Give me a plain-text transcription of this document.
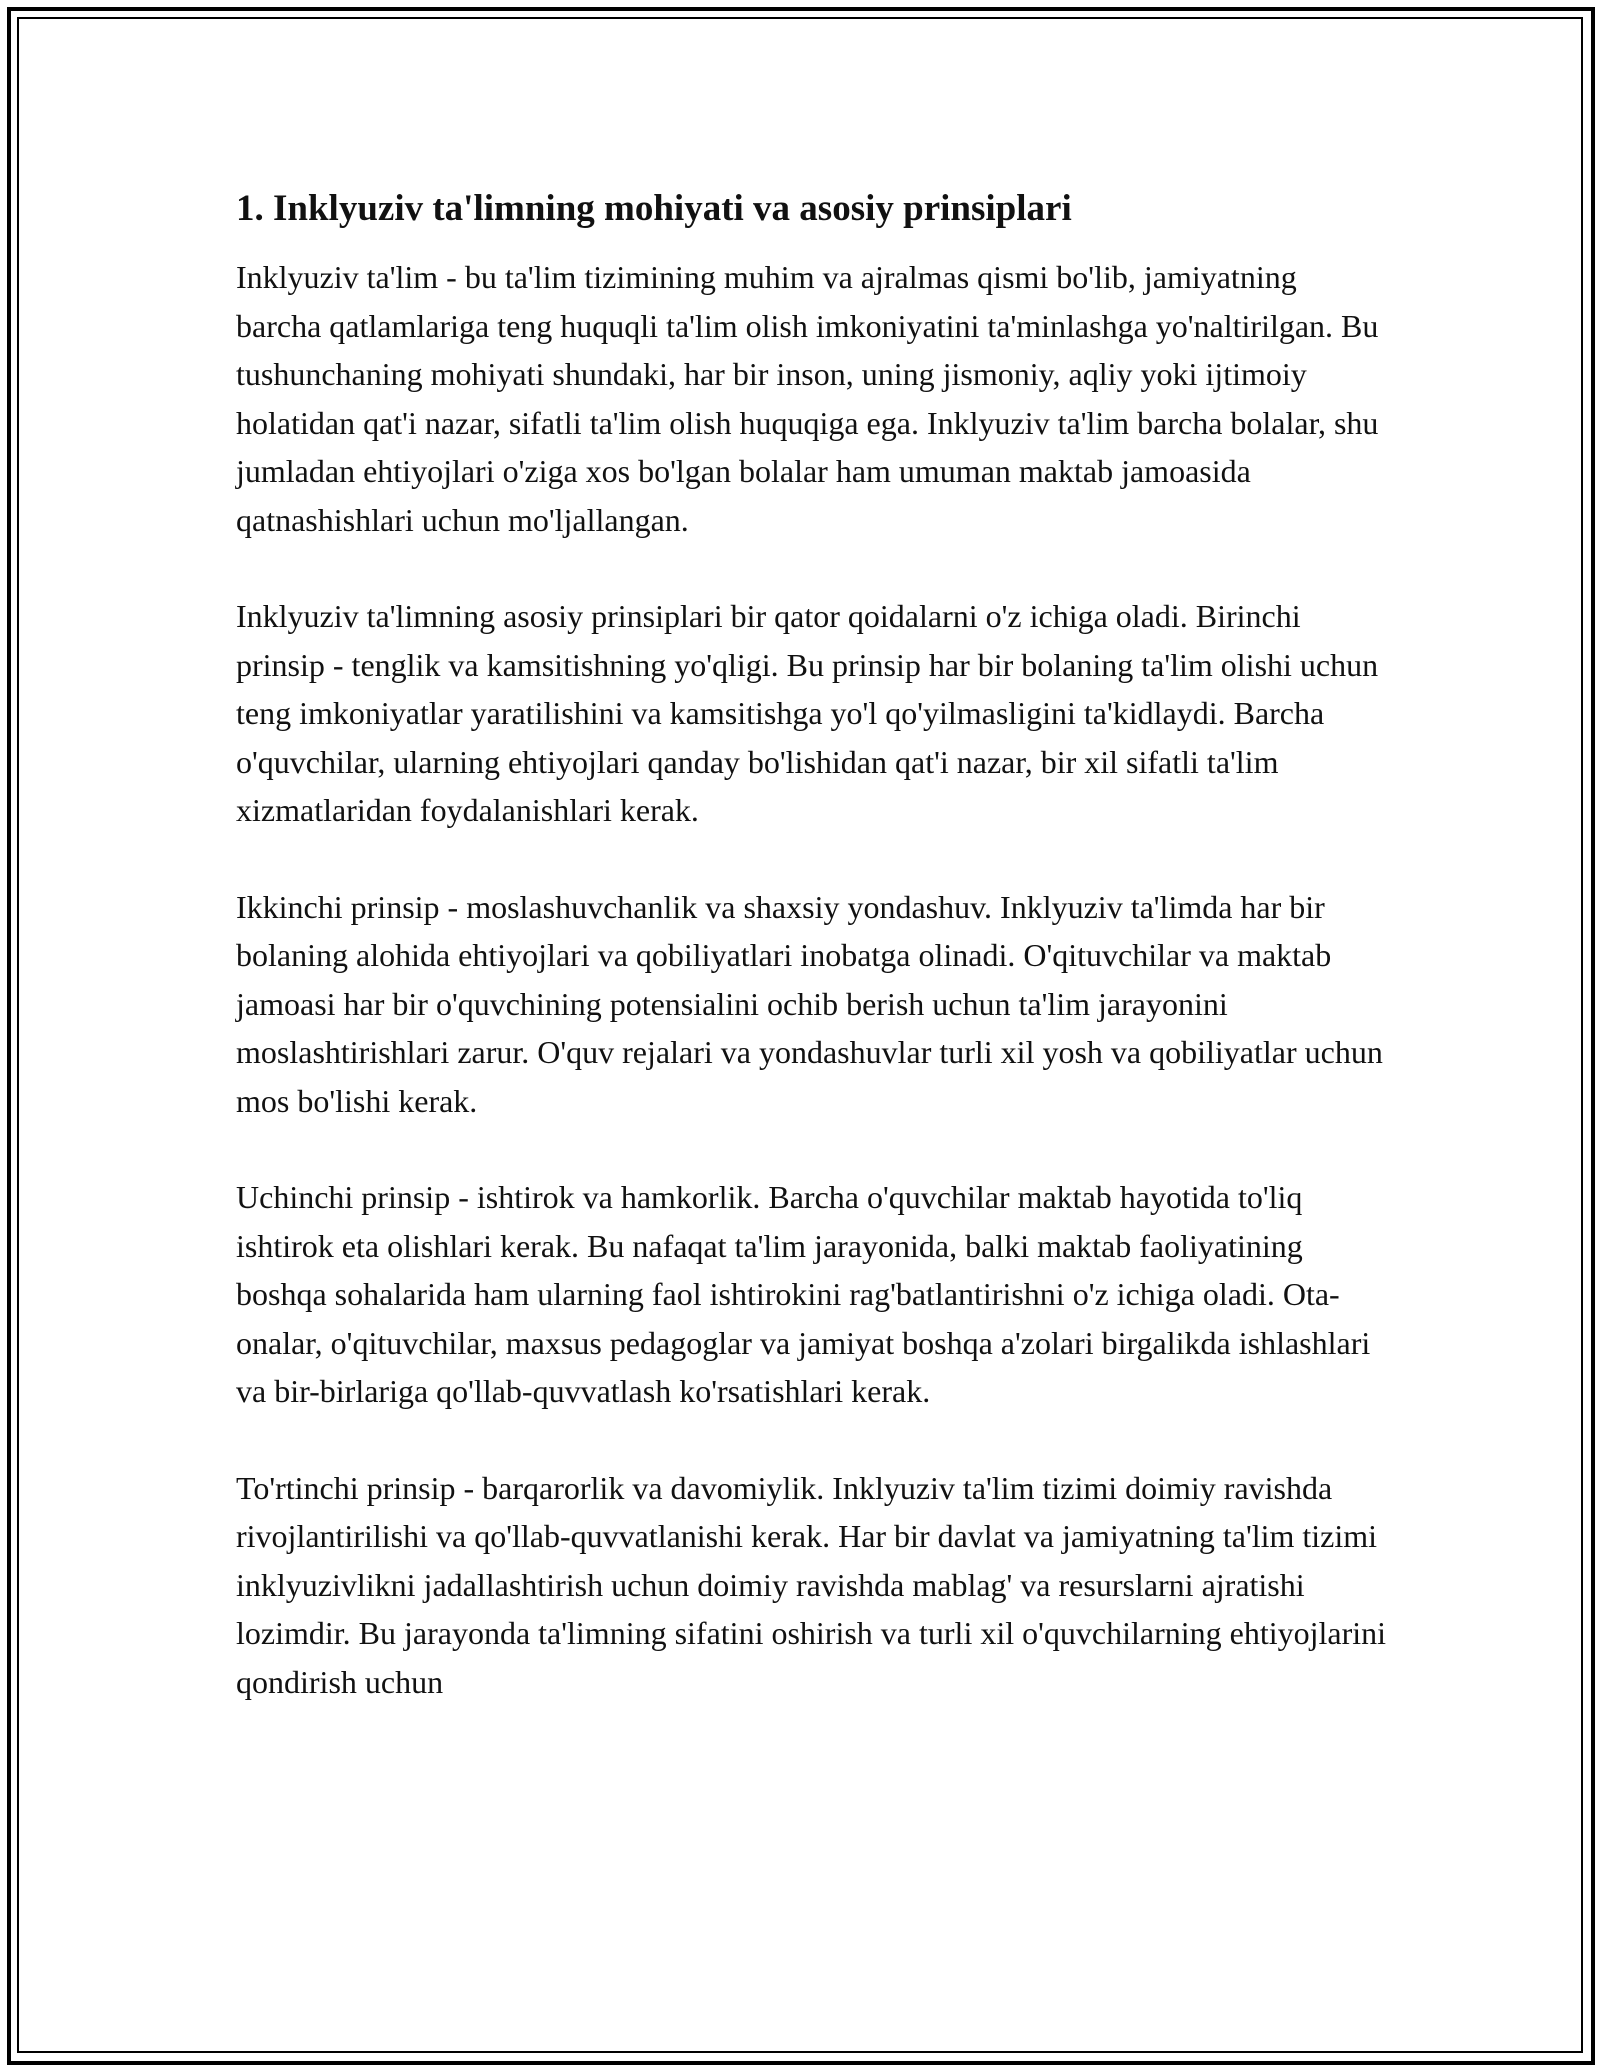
1. Inklyuziv ta'limning mohiyati va asosiy prinsiplari

Inklyuziv ta'lim - bu ta'lim tizimining muhim va ajralmas qismi bo'lib, jamiyatning barcha qatlamlariga teng huquqli ta'lim olish imkoniyatini ta'minlashga yo'naltirilgan. Bu tushunchaning mohiyati shundaki, har bir inson, uning jismoniy, aqliy yoki ijtimoiy holatidan qat'i nazar, sifatli ta'lim olish huquqiga ega. Inklyuziv ta'lim barcha bolalar, shu jumladan ehtiyojlari o'ziga xos bo'lgan bolalar ham umuman maktab jamoasida qatnashishlari uchun mo'ljallangan.

Inklyuziv ta'limning asosiy prinsiplari bir qator qoidalarni o'z ichiga oladi. Birinchi prinsip - tenglik va kamsitishning yo'qligi. Bu prinsip har bir bolaning ta'lim olishi uchun teng imkoniyatlar yaratilishini va kamsitishga yo'l qo'yilmasligini ta'kidlaydi. Barcha o'quvchilar, ularning ehtiyojlari qanday bo'lishidan qat'i nazar, bir xil sifatli ta'lim xizmatlaridan foydalanishlari kerak.

Ikkinchi prinsip - moslashuvchanlik va shaxsiy yondashuv. Inklyuziv ta'limda har bir bolaning alohida ehtiyojlari va qobiliyatlari inobatga olinadi. O'qituvchilar va maktab jamoasi har bir o'quvchining potensialini ochib berish uchun ta'lim jarayonini moslashtirishlari zarur. O'quv rejalari va yondashuvlar turli xil yosh va qobiliyatlar uchun mos bo'lishi kerak.

Uchinchi prinsip - ishtirok va hamkorlik. Barcha o'quvchilar maktab hayotida to'liq ishtirok eta olishlari kerak. Bu nafaqat ta'lim jarayonida, balki maktab faoliyatining boshqa sohalarida ham ularning faol ishtirokini rag'batlantirishni o'z ichiga oladi. Ota-onalar, o'qituvchilar, maxsus pedagoglar va jamiyat boshqa a'zolari birgalikda ishlashlari va bir-birlariga qo'llab-quvvatlash ko'rsatishlari kerak.

To'rtinchi prinsip - barqarorlik va davomiylik. Inklyuziv ta'lim tizimi doimiy ravishda rivojlantirilishi va qo'llab-quvvatlanishi kerak. Har bir davlat va jamiyatning ta'lim tizimi inklyuzivlikni jadallashtirish uchun doimiy ravishda mablag' va resurslarni ajratishi lozimdir. Bu jarayonda ta'limning sifatini oshirish va turli xil o'quvchilarning ehtiyojlarini qondirish uchun
